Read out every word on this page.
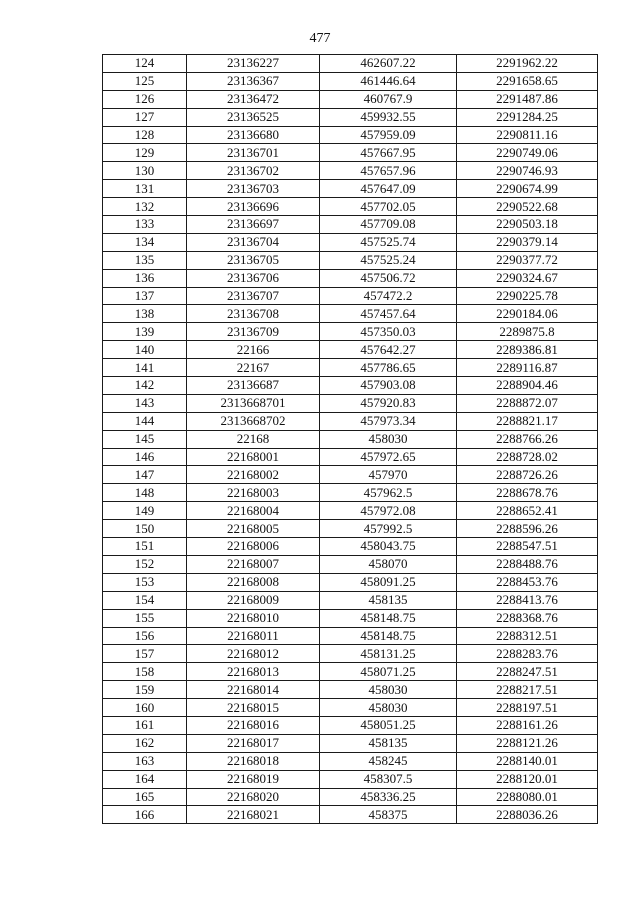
477
124	23136227	462607.22	2291962.22
125	23136367	461446.64	2291658.65
126	23136472	460767.9	2291487.86
127	23136525	459932.55	2291284.25
128	23136680	457959.09	2290811.16
129	23136701	457667.95	2290749.06
130	23136702	457657.96	2290746.93
131	23136703	457647.09	2290674.99
132	23136696	457702.05	2290522.68
133	23136697	457709.08	2290503.18
134	23136704	457525.74	2290379.14
135	23136705	457525.24	2290377.72
136	23136706	457506.72	2290324.67
137	23136707	457472.2	2290225.78
138	23136708	457457.64	2290184.06
139	23136709	457350.03	2289875.8
140	22166	457642.27	2289386.81
141	22167	457786.65	2289116.87
142	23136687	457903.08	2288904.46
143	2313668701	457920.83	2288872.07
144	2313668702	457973.34	2288821.17
145	22168	458030	2288766.26
146	22168001	457972.65	2288728.02
147	22168002	457970	2288726.26
148	22168003	457962.5	2288678.76
149	22168004	457972.08	2288652.41
150	22168005	457992.5	2288596.26
151	22168006	458043.75	2288547.51
152	22168007	458070	2288488.76
153	22168008	458091.25	2288453.76
154	22168009	458135	2288413.76
155	22168010	458148.75	2288368.76
156	22168011	458148.75	2288312.51
157	22168012	458131.25	2288283.76
158	22168013	458071.25	2288247.51
159	22168014	458030	2288217.51
160	22168015	458030	2288197.51
161	22168016	458051.25	2288161.26
162	22168017	458135	2288121.26
163	22168018	458245	2288140.01
164	22168019	458307.5	2288120.01
165	22168020	458336.25	2288080.01
166	22168021	458375	2288036.26
